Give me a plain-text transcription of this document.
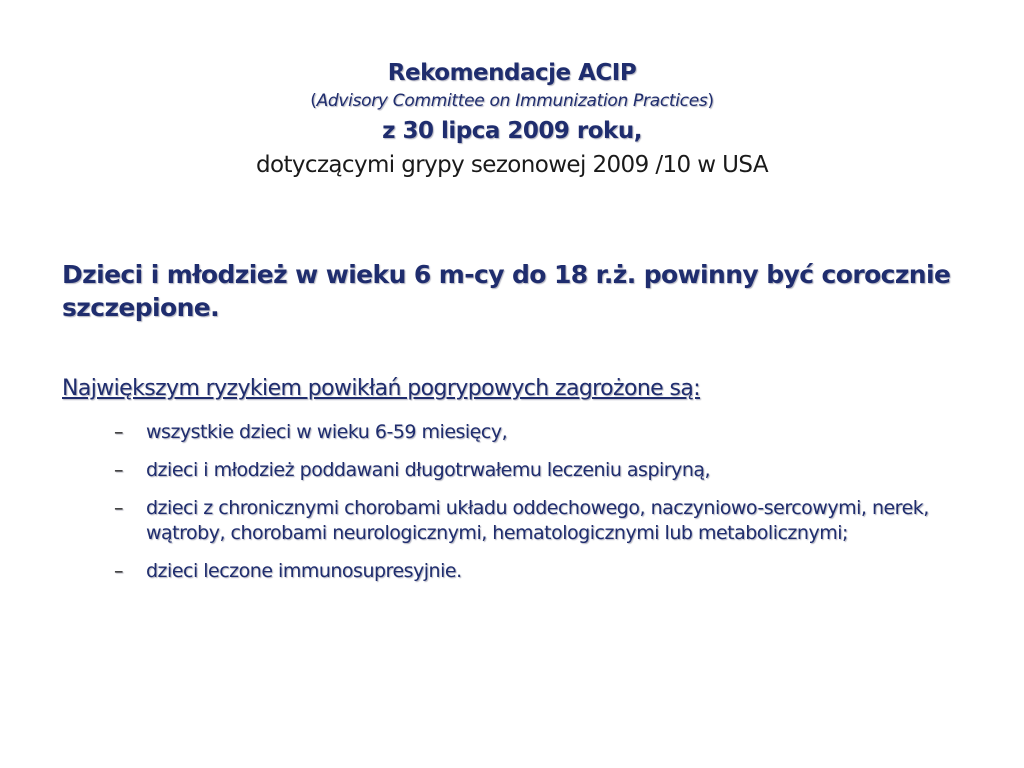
Rekomendacje ACIP
(Advisory Committee on Immunization Practices)
z 30 lipca 2009 roku,
dotyczącymi grypy sezonowej 2009 /10 w USA
Dzieci i młodzież w wieku 6 m-cy do 18 r.ż. powinny być corocznie szczepione.
Największym ryzykiem powikłań pogrypowych zagrożone są:
– wszystkie dzieci w wieku 6-59 miesięcy,
– dzieci i młodzież poddawani długotrwałemu leczeniu aspiryną,
– dzieci z chronicznymi chorobami układu oddechowego, naczyniowo-sercowymi, nerek, wątroby, chorobami neurologicznymi, hematologicznymi lub metabolicznymi;
– dzieci leczone immunosupresyjnie.
